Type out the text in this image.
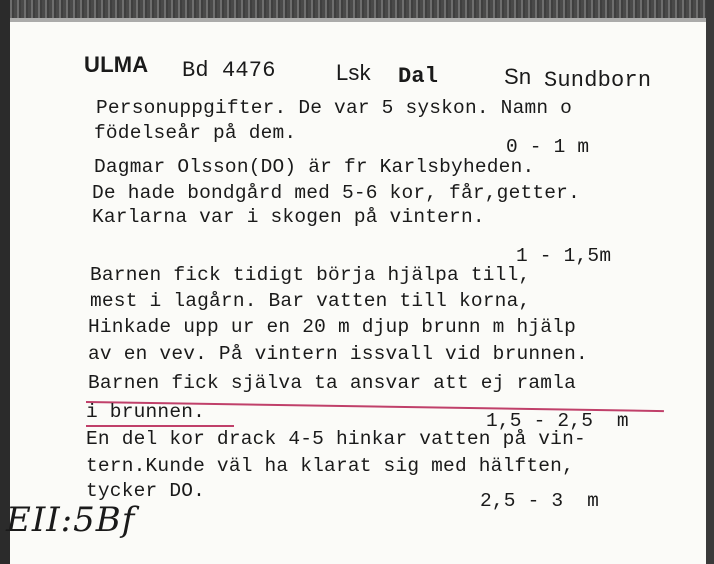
ULMA Bd 4476	Lsk Dal	Sn Sundborn
Personuppgifter. De var 5 syskon. Namn o
födelseår på dem.
0 - 1 m
Dagmar Olsson(DO) är fr Karlsbyheden.
De hade bondgård med 5-6 kor, får,getter.
Karlarna var i skogen på vintern.
1 - 1,5m
Barnen fick tidigt börja hjälpa till,
mest i lagårn. Bar vatten till korna,
Hinkade upp ur en 20 m djup brunn m hjälp
av en vev. På vintern issvall vid brunnen.
Barnen fick själva ta ansvar att ej ramla
i brunnen.	1,5 - 2,5  m
En del kor drack 4-5 hinkar vatten på vin-
tern.Kunde väl ha klarat sig med hälften,
tycker DO.	2,5 - 3  m
EII:5Bf
